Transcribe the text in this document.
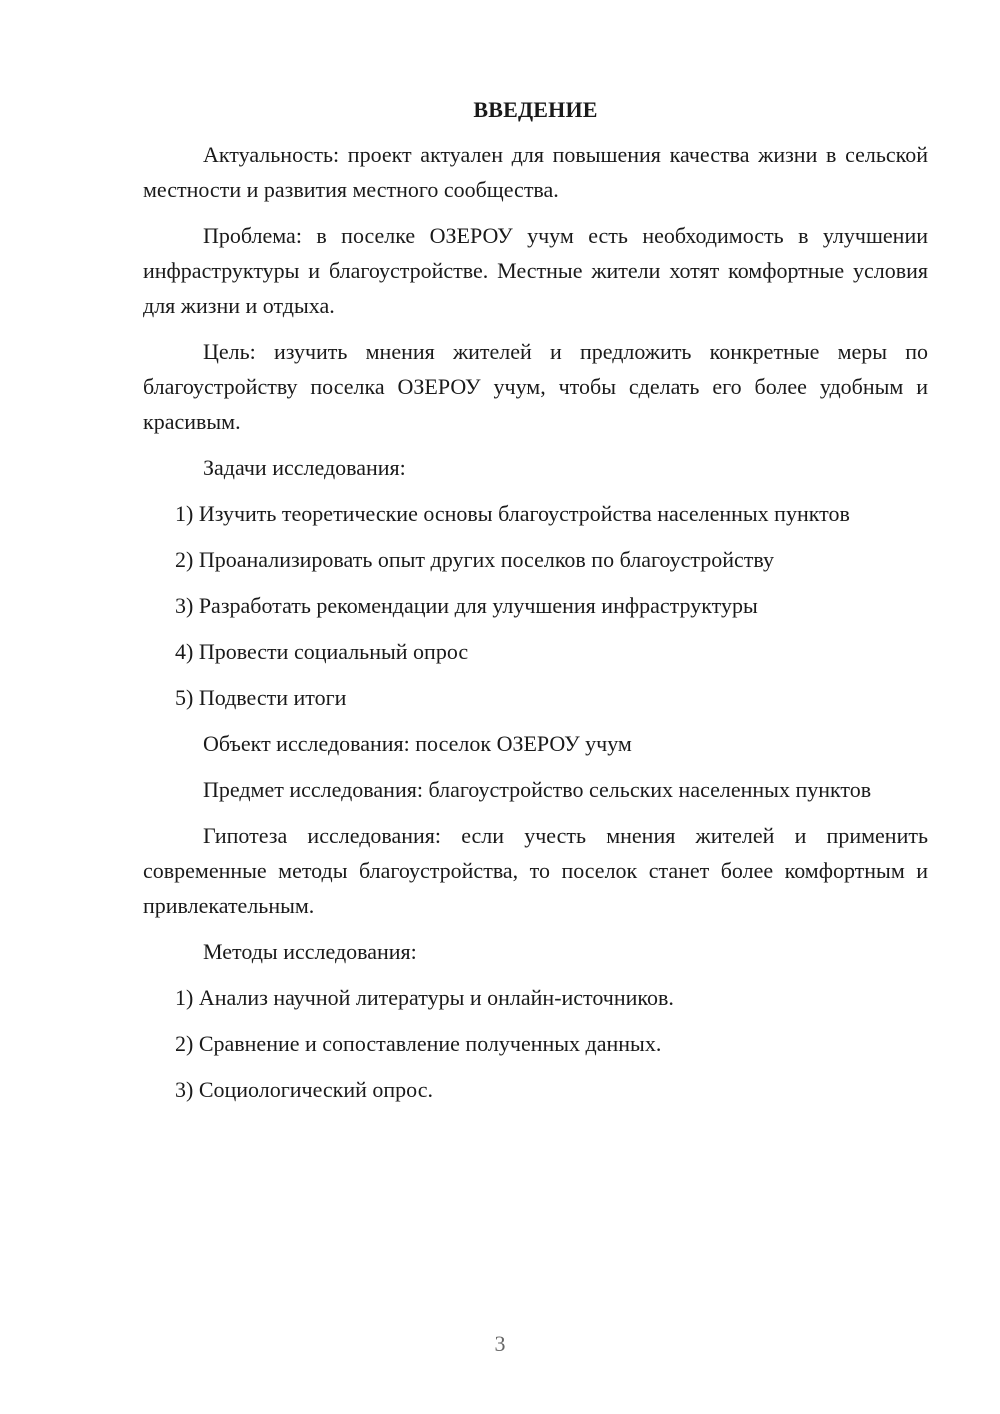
ВВЕДЕНИЕ

Актуальность: проект актуален для повышения качества жизни в сельской местности и развития местного сообщества.

Проблема: в поселке ОЗЕРОУ учум есть необходимость в улучшении инфраструктуры и благоустройстве. Местные жители хотят комфортные условия для жизни и отдыха.

Цель: изучить мнения жителей и предложить конкретные меры по благоустройству поселка ОЗЕРОУ учум, чтобы сделать его более удобным и красивым.

Задачи исследования:

1) Изучить теоретические основы благоустройства населенных пунктов

2) Проанализировать опыт других поселков по благоустройству

3) Разработать рекомендации для улучшения инфраструктуры

4) Провести социальный опрос

5) Подвести итоги

Объект исследования: поселок ОЗЕРОУ учум

Предмет исследования: благоустройство сельских населенных пунктов

Гипотеза исследования: если учесть мнения жителей и применить современные методы благоустройства, то поселок станет более комфортным и привлекательным.

Методы исследования:

1) Анализ научной литературы и онлайн-источников.

2) Сравнение и сопоставление полученных данных.

3) Социологический опрос.

3
